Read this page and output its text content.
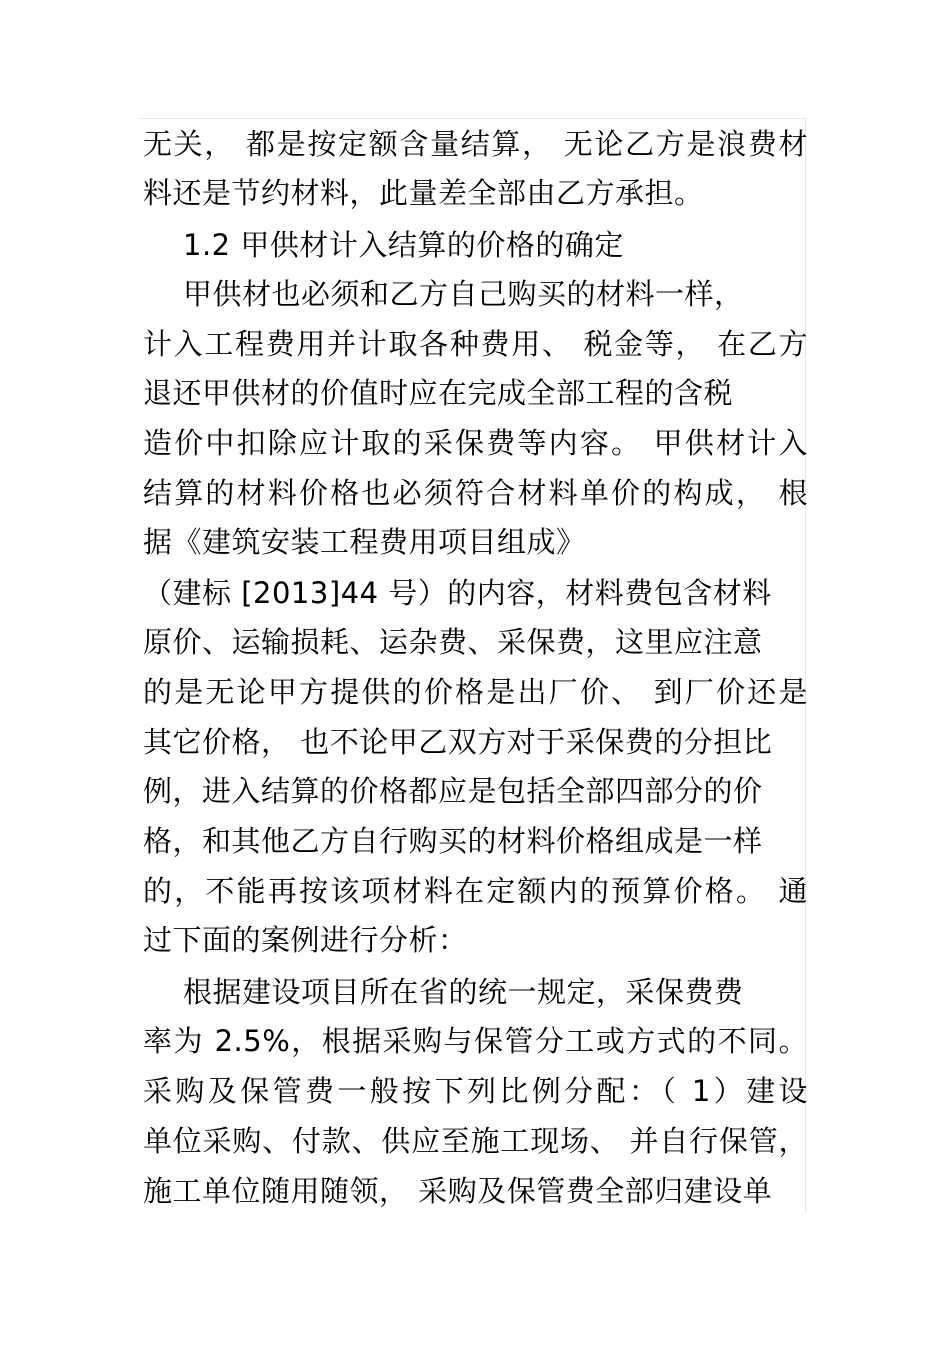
无关， 都是按定额含量结算， 无论乙方是浪费材
料还是节约材料，此量差全部由乙方承担。
1.2 甲供材计入结算的价格的确定
甲供材也必须和乙方自己购买的材料一样，
计入工程费用并计取各种费用、 税金等， 在乙方
退还甲供材的价值时应在完成全部工程的含税
造价中扣除应计取的采保费等内容。 甲供材计入
结算的材料价格也必须符合材料单价的构成， 根
据《建筑安装工程费用项目组成》
（建标 [2013]44 号）的内容，材料费包含材料
原价、运输损耗、运杂费、采保费，这里应注意
的是无论甲方提供的价格是出厂价、 到厂价还是
其它价格， 也不论甲乙双方对于采保费的分担比
例，进入结算的价格都应是包括全部四部分的价
格，和其他乙方自行购买的材料价格组成是一样
的，不能再按该项材料在定额内的预算价格。 通
过下面的案例进行分析：
根据建设项目所在省的统一规定，采保费费
率为 2.5%，根据采购与保管分工或方式的不同。
采购及保管费一般按下列比例分配：（ 1）建设
单位采购、付款、供应至施工现场、 并自行保管，
施工单位随用随领， 采购及保管费全部归建设单
